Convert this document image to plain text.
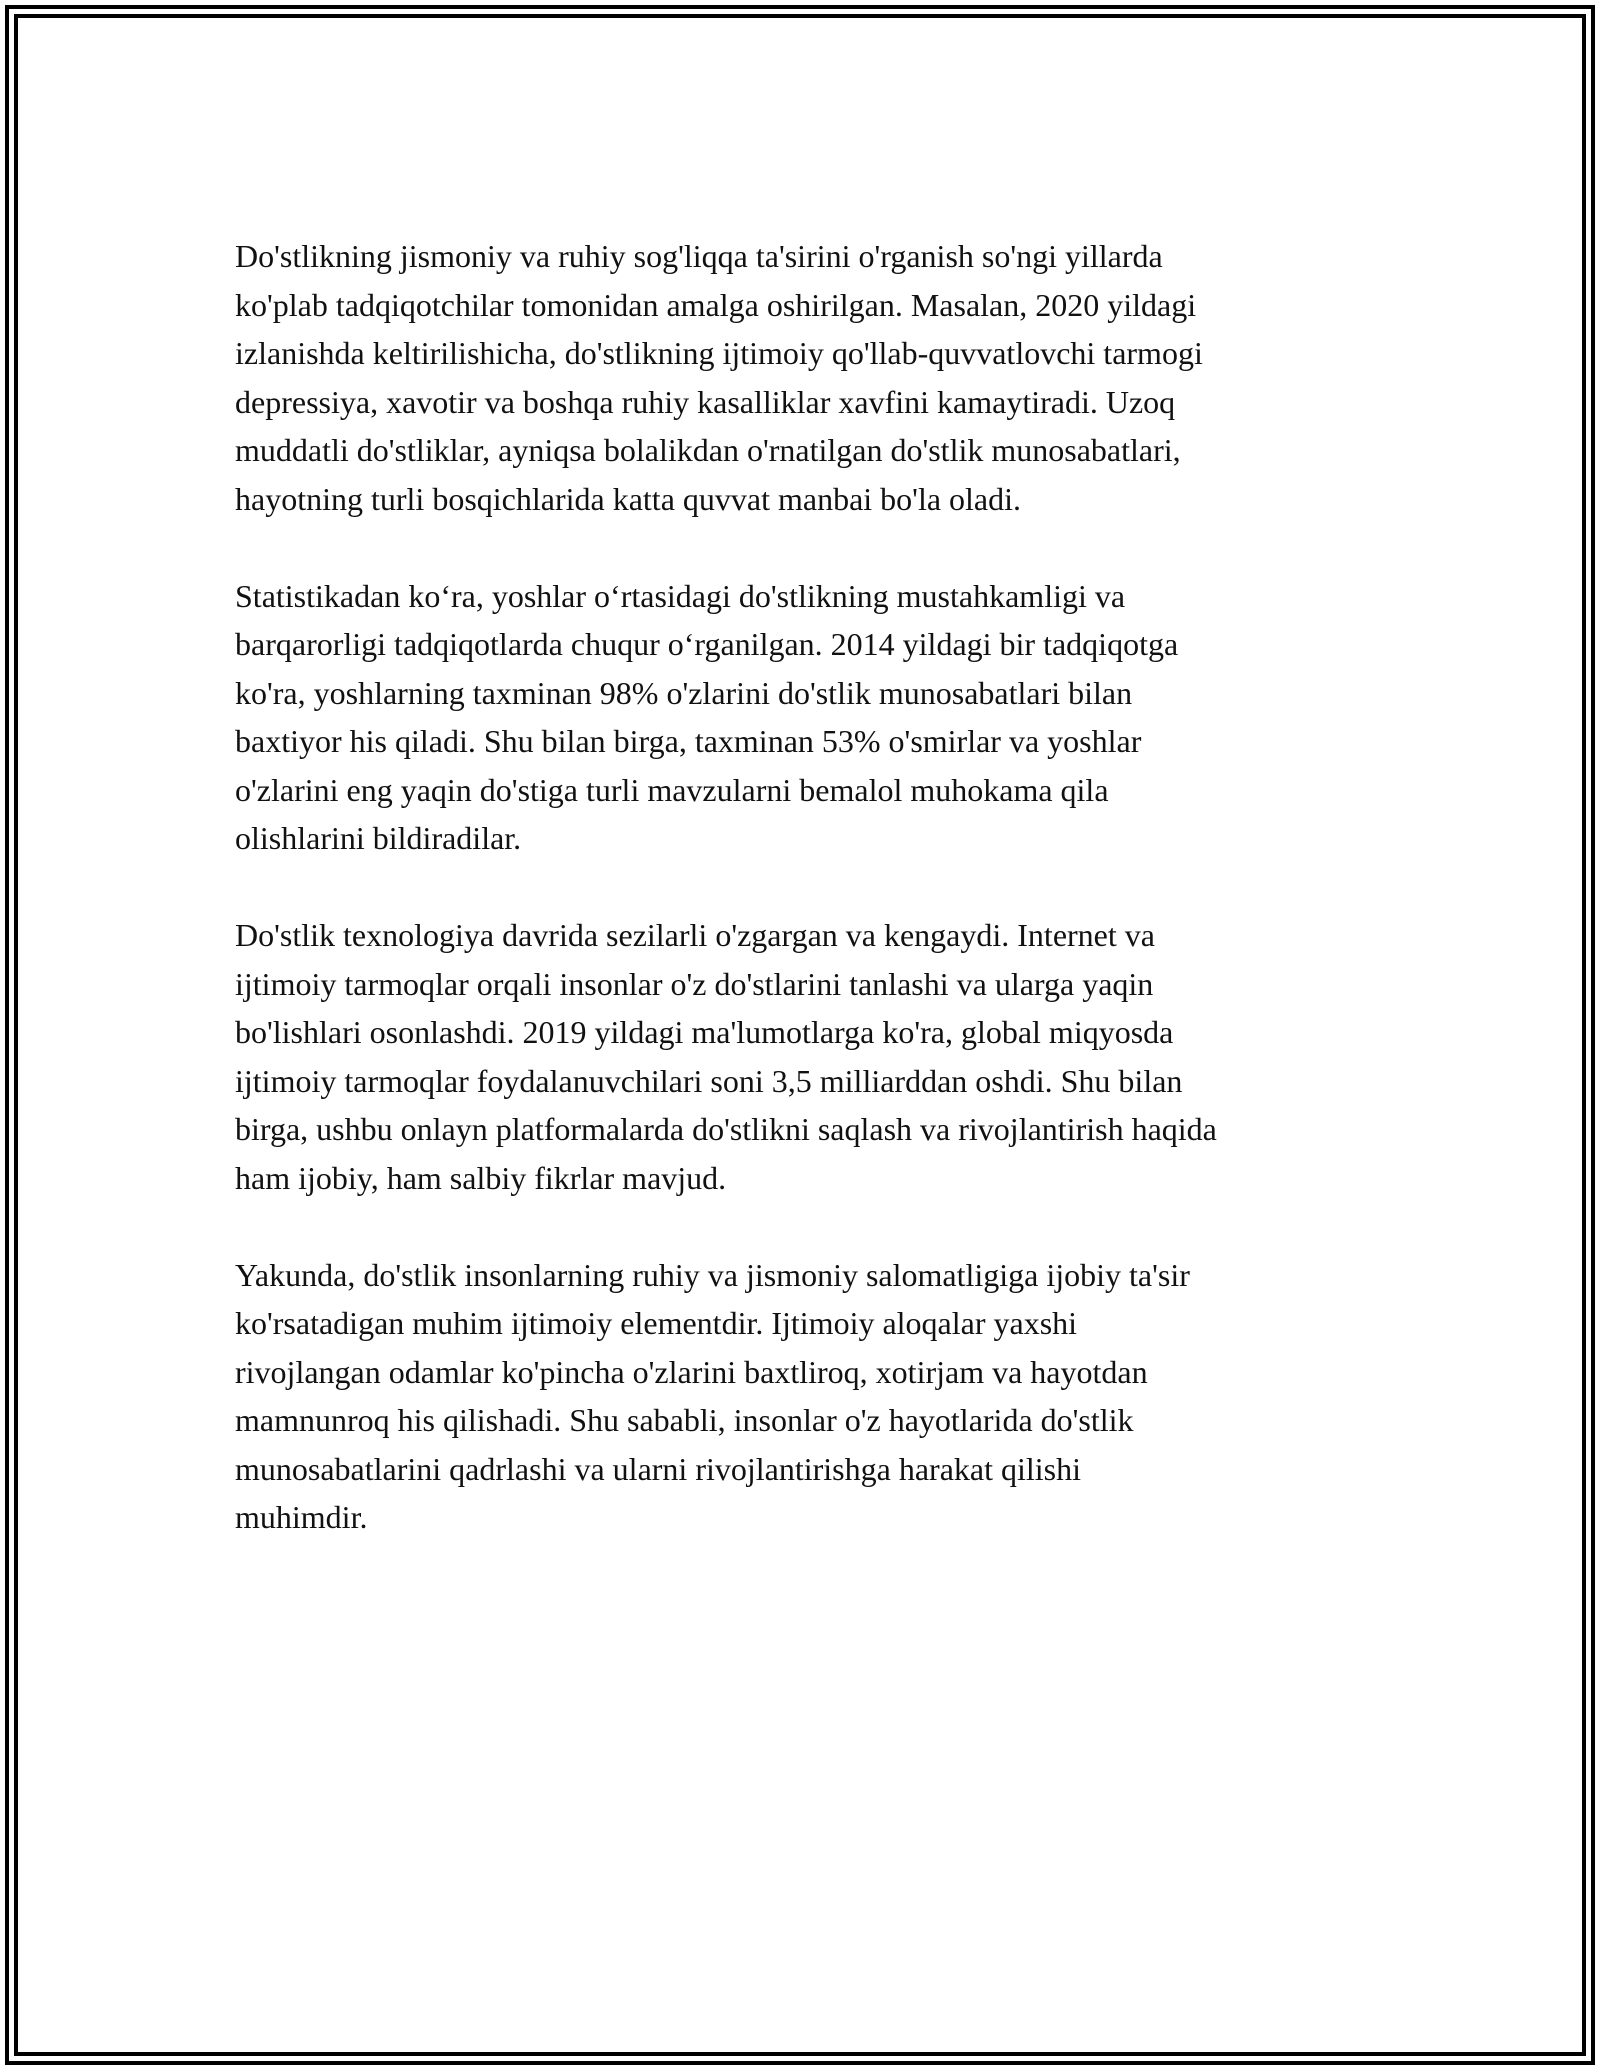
Do'stlikning jismoniy va ruhiy sog'liqqa ta'sirini o'rganish so'ngi yillarda
ko'plab tadqiqotchilar tomonidan amalga oshirilgan. Masalan, 2020 yildagi
izlanishda keltirilishicha, do'stlikning ijtimoiy qo'llab-quvvatlovchi tarmogi
depressiya, xavotir va boshqa ruhiy kasalliklar xavfini kamaytiradi. Uzoq
muddatli do'stliklar, ayniqsa bolalikdan o'rnatilgan do'stlik munosabatlari,
hayotning turli bosqichlarida katta quvvat manbai bo'la oladi.

Statistikadan ko‘ra, yoshlar o‘rtasidagi do'stlikning mustahkamligi va
barqarorligi tadqiqotlarda chuqur o‘rganilgan. 2014 yildagi bir tadqiqotga
ko'ra, yoshlarning taxminan 98% o'zlarini do'stlik munosabatlari bilan
baxtiyor his qiladi. Shu bilan birga, taxminan 53% o'smirlar va yoshlar
o'zlarini eng yaqin do'stiga turli mavzularni bemalol muhokama qila
olishlarini bildiradilar.

Do'stlik texnologiya davrida sezilarli o'zgargan va kengaydi. Internet va
ijtimoiy tarmoqlar orqali insonlar o'z do'stlarini tanlashi va ularga yaqin
bo'lishlari osonlashdi. 2019 yildagi ma'lumotlarga ko'ra, global miqyosda
ijtimoiy tarmoqlar foydalanuvchilari soni 3,5 milliarddan oshdi. Shu bilan
birga, ushbu onlayn platformalarda do'stlikni saqlash va rivojlantirish haqida
ham ijobiy, ham salbiy fikrlar mavjud.

Yakunda, do'stlik insonlarning ruhiy va jismoniy salomatligiga ijobiy ta'sir
ko'rsatadigan muhim ijtimoiy elementdir. Ijtimoiy aloqalar yaxshi
rivojlangan odamlar ko'pincha o'zlarini baxtliroq, xotirjam va hayotdan
mamnunroq his qilishadi. Shu sababli, insonlar o'z hayotlarida do'stlik
munosabatlarini qadrlashi va ularni rivojlantirishga harakat qilishi
muhimdir.
